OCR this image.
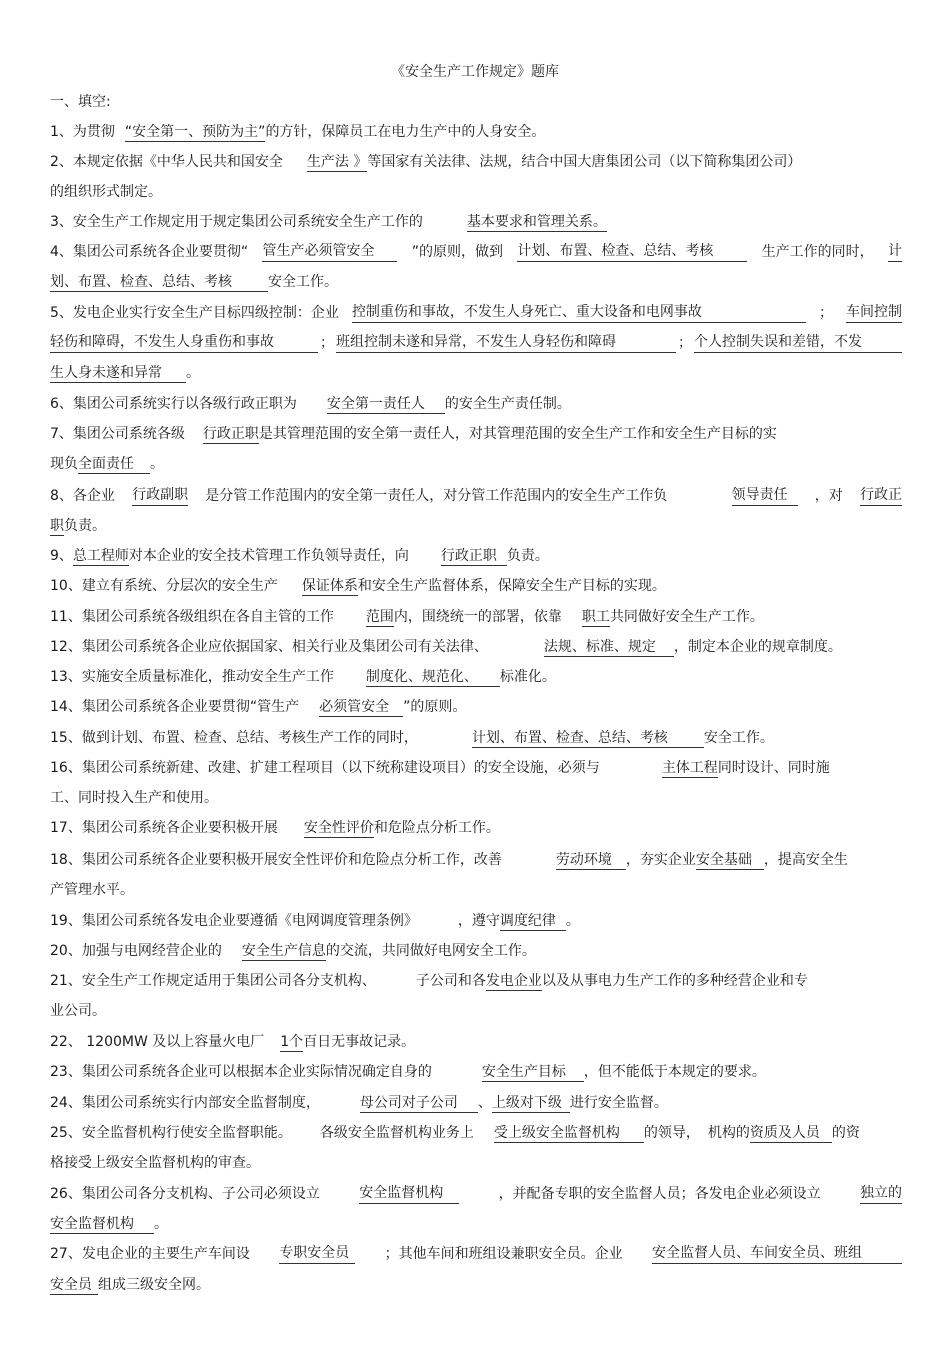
《安全生产工作规定》题库
一、填空:
1、为贯彻 “安全第一、预防为主”的方针，保障员工在电力生产中的人身安全。
2、本规定依据《中华人民共和国安全 生产法 》等国家有关法律、法规，结合中国大唐集团公司（以下简称集团公司）
的组织形式制定。
3、安全生产工作规定用于规定集团公司系统安全生产工作的	基本要求和管理关系。
4、集团公司系统各企业要贯彻“ 管生产必须管安全	”的原则，做到 计划、布置、检查、总结、考核	生产工作的同时， 计
划、布置、检查、总结、考核	安全工作。
5、发电企业实行安全生产目标四级控制：企业 控制重伤和事故，不发生人身死亡、重大设备和电网事故	； 车间控制
轻伤和障碍，不发生人身重伤和事故	； 班组控制未遂和异常，不发生人身轻伤和障碍	； 个人控制失误和差错，不发
生人身未遂和异常 。
6、集团公司系统实行以各级行政正职为 安全第一责任人 的安全生产责任制。
7、集团公司系统各级 行政正职是其管理范围的安全第一责任人，对其管理范围的安全生产工作和安全生产目标的实
现负全面责任 。
8、各企业 行政副职 是分管工作范围内的安全第一责任人，对分管工作范围内的安全生产工作负	领导责任	，对 行政正
职负责。
9、总工程师对本企业的安全技术管理工作负领导责任，向 行政正职 负责。
10、建立有系统、分层次的安全生产 保证体系和安全生产监督体系，保障安全生产目标的实现。
11、集团公司系统各级组织在各自主管的工作 范围内，围绕统一的部署，依靠 职工共同做好安全生产工作。
12、集团公司系统各企业应依据国家、相关行业及集团公司有关法律、	法规、标准、规定 ，制定本企业的规章制度。
13、实施安全质量标准化，推动安全生产工作 制度化、规范化、 标准化。
14、集团公司系统各企业要贯彻“管生产 必须管安全 ”的原则。
15、做到计划、布置、检查、总结、考核生产工作的同时，	计划、布置、检查、总结、考核	安全工作。
16、集团公司系统新建、改建、扩建工程项目（以下统称建设项目）的安全设施，必须与	主体工程同时设计、同时施
工、同时投入生产和使用。
17、集团公司系统各企业要积极开展 安全性评价和危险点分析工作。
18、集团公司系统各企业要积极开展安全性评价和危险点分析工作，改善	劳动环境 ，夯实企业安全基础 ，提高安全生
产管理水平。
19、集团公司系统各发电企业要遵循《电网调度管理条例》	，遵守调度纪律 。
20、加强与电网经营企业的 安全生产信息的交流，共同做好电网安全工作。
21、安全生产工作规定适用于集团公司各分支机构、	子公司和各发电企业以及从事电力生产工作的多种经营企业和专
业公司。
22、 1200MW 及以上容量火电厂 1个百日无事故记录。
23、集团公司系统各企业可以根据本企业实际情况确定自身的	安全生产目标 ，但不能低于本规定的要求。
24、集团公司系统实行内部安全监督制度，	母公司对子公司 、上级对下级 进行安全监督。
25、安全监督机构行使安全监督职能。 各级安全监督机构业务上 受上级安全监督机构 的领导， 机构的资质及人员 的资
格接受上级安全监督机构的审查。
26、集团公司各分支机构、子公司必须设立	安全监督机构	，并配备专职的安全监督人员；各发电企业必须设立	独立的
安全监督机构 。
27、发电企业的主要生产车间设 专职安全员	；其他车间和班组设兼职安全员。企业 安全监督人员、车间安全员、班组
安全员 组成三级安全网。
